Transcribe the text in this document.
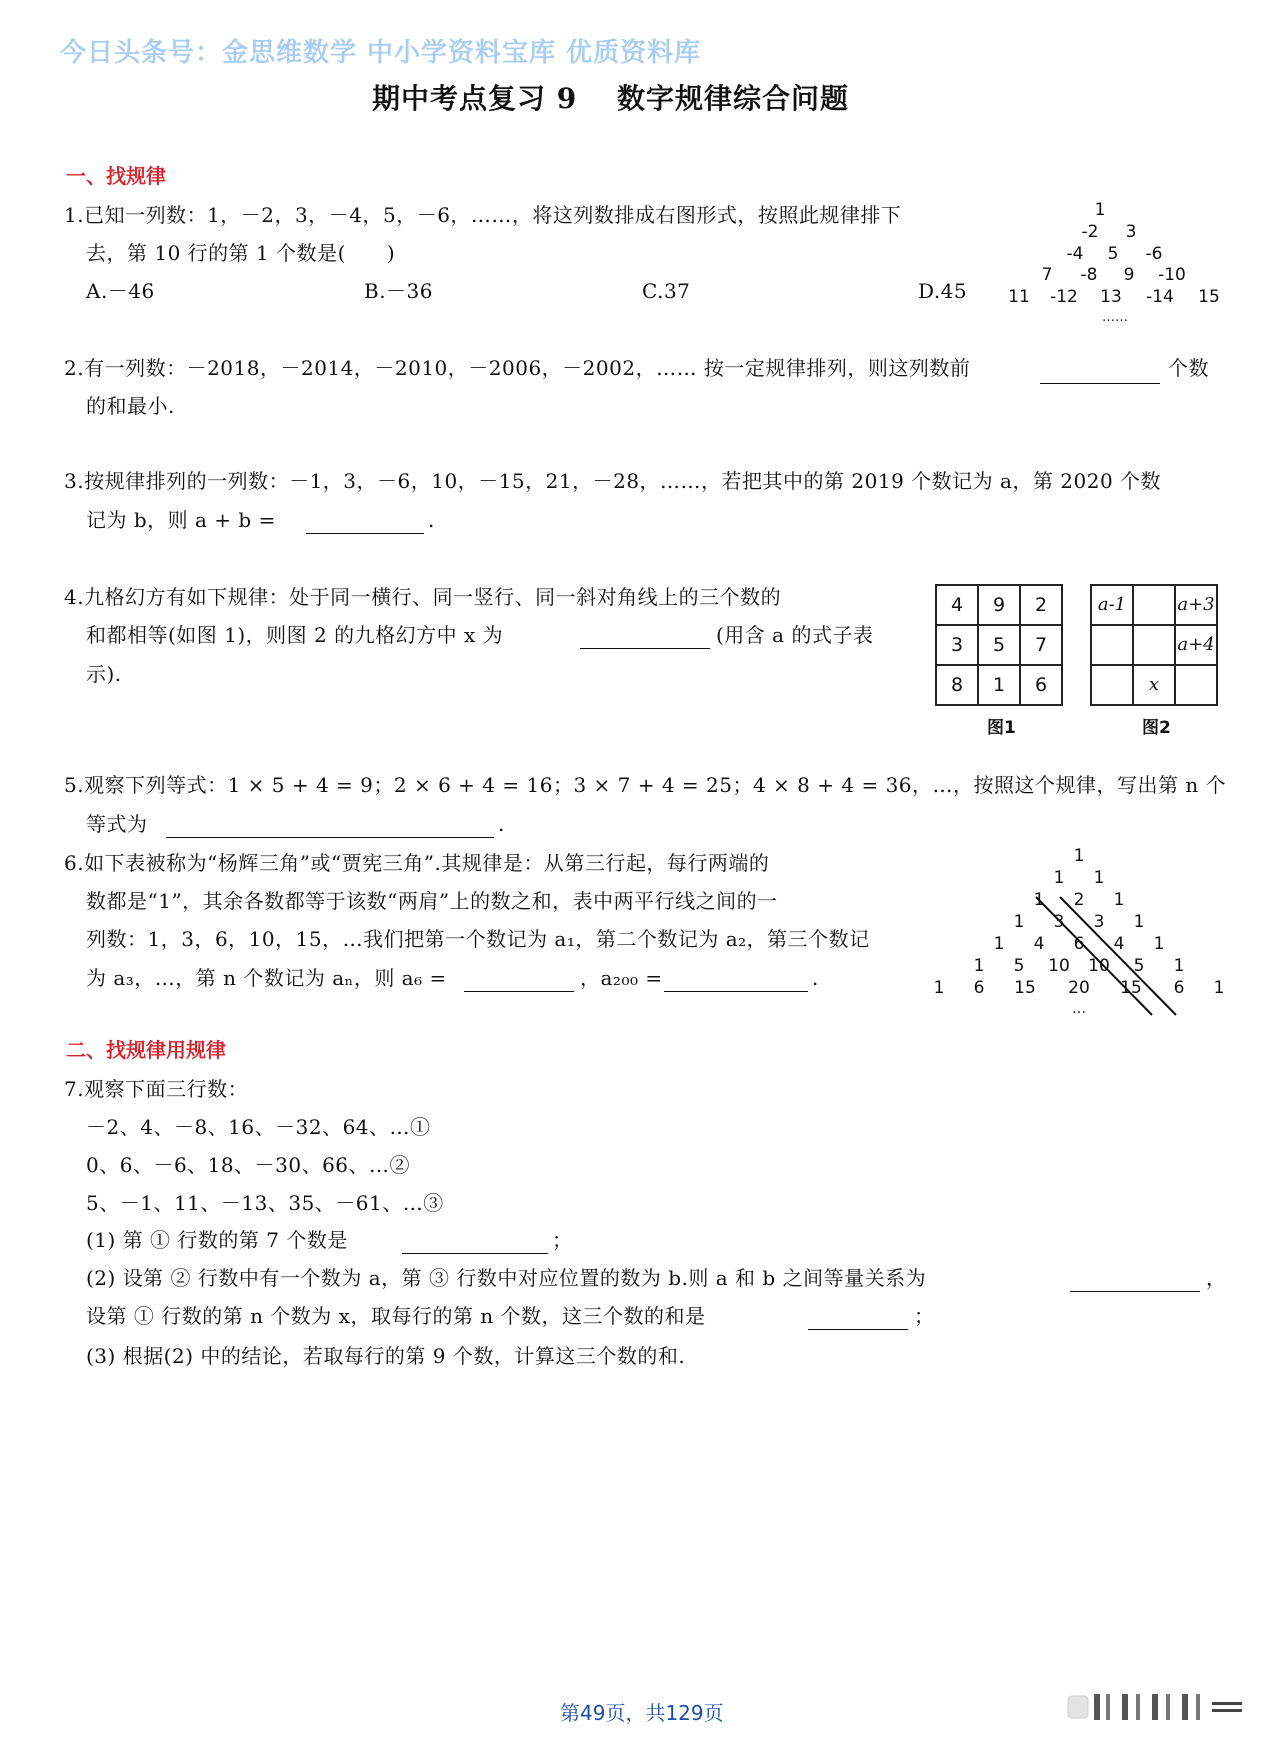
今日头条号：金思维数学 中小学资料宝库 优质资料库
期中考点复习 9　 数字规律综合问题
一、找规律
1.已知一列数：1，－2，3，－4，5，－6，……，将这列数排成右图形式，按照此规律排下
去，第 10 行的第 1 个数是(　　)
A.－46	B.－36	C.37	D.45
1
-2	3
-4	5	-6
7	-8	9	-10
11	-12	13	-14	15
……
2.有一列数：－2018，－2014，－2010，－2006，－2002，…… 按一定规律排列，则这列数前	个数
的和最小.
3.按规律排列的一列数：－1，3，－6，10，－15，21，－28，……，若把其中的第 2019 个数记为 a，第 2020 个数
记为 b，则 a + b =	.
4.九格幻方有如下规律：处于同一横行、同一竖行、同一斜对角线上的三个数的
和都相等(如图 1)，则图 2 的九格幻方中 x 为	(用含 a 的式子表
示).
4	9	2
3	5	7
8	1	6
图1
a-1		a+3
		a+4
	x	
图2
5.观察下列等式：1 × 5 + 4 = 9；2 × 6 + 4 = 16；3 × 7 + 4 = 25；4 × 8 + 4 = 36，…，按照这个规律，写出第 n 个
等式为	.
6.如下表被称为“杨辉三角”或“贾宪三角”.其规律是：从第三行起，每行两端的
数都是“1”，其余各数都等于该数“两肩”上的数之和，表中两平行线之间的一
列数：1，3，6，10，15，…我们把第一个数记为 a₁，第二个数记为 a₂，第三个数记
为 a₃，…，第 n 个数记为 aₙ，则 a₆ =	，a₂₀₀ =	.
1
1	1
1	2	1
1	3	3	1
1	4	6	4	1
1	5	10 10	5	1
1	6	15 20 15	6	1
…
二、找规律用规律
7.观察下面三行数：
－2、4、－8、16、－32、64、…①
0、6、－6、18、－30、66、…②
5、－1、11、－13、35、－61、…③
(1) 第 ① 行数的第 7 个数是	；
(2) 设第 ② 行数中有一个数为 a，第 ③ 行数中对应位置的数为 b.则 a 和 b 之间等量关系为	，
设第 ① 行数的第 n 个数为 x，取每行的第 n 个数，这三个数的和是	；
(3) 根据(2) 中的结论，若取每行的第 9 个数，计算这三个数的和.
第49页，共129页
